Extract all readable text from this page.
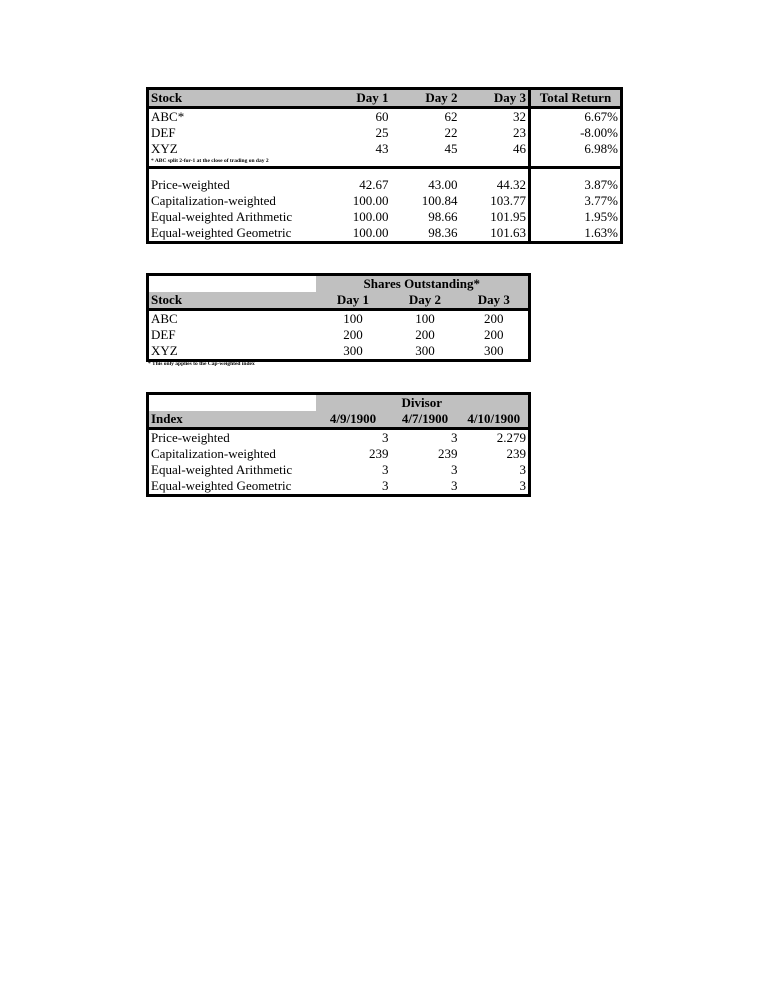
Stock	Day 1	Day 2	Day 3	Total Return
ABC*	60	62	32	6.67%
DEF	25	22	23	-8.00%
XYZ	43	45	46	6.98%
* ABC split 2-for-1 at the close of trading on day 2				

Price-weighted	42.67	43.00	44.32	3.87%
Capitalization-weighted	100.00	100.84	103.77	3.77%
Equal-weighted Arithmetic	100.00	98.66	101.95	1.95%
Equal-weighted Geometric	100.00	98.36	101.63	1.63%
	Shares Outstanding*		
Stock	Day 1	Day 2	Day 3
ABC	100	100	200
DEF	200	200	200
XYZ	300	300	300
* This only applies to the Cap-weighted index
	Divisor		
Index	4/9/1900	4/7/1900	4/10/1900
Price-weighted	3	3	2.279
Capitalization-weighted	239	239	239
Equal-weighted Arithmetic	3	3	3
Equal-weighted Geometric	3	3	3
